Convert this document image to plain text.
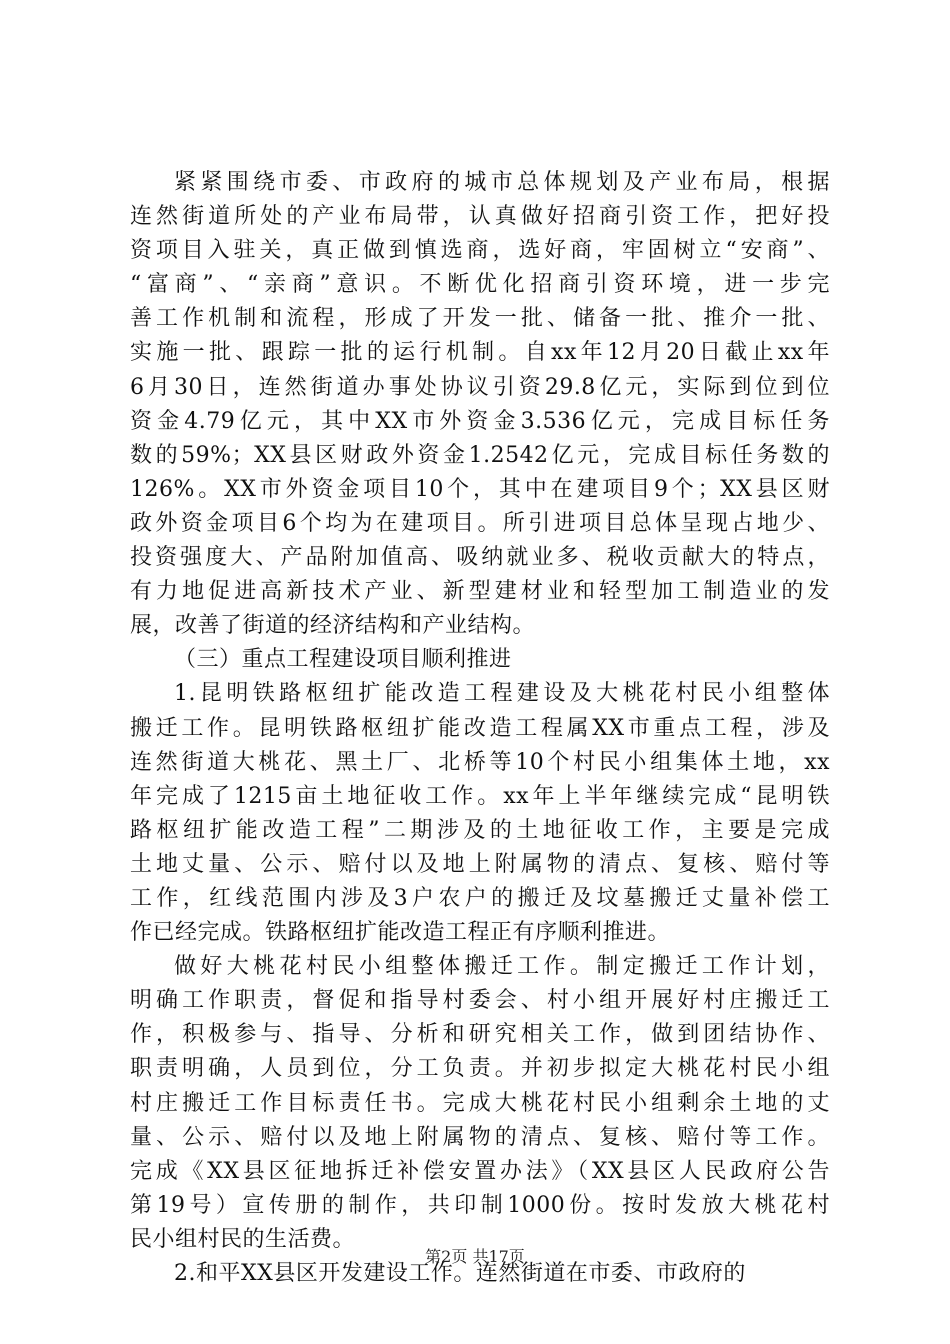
紧紧围绕市委、市政府的城市总体规划及产业布局，根据
连然街道所处的产业布局带，认真做好招商引资工作，把好投
资项目入驻关，真正做到慎选商，选好商，牢固树立“安商”、
“富商”、“亲商”意识。不断优化招商引资环境，进一步完
善工作机制和流程，形成了开发一批、储备一批、推介一批、
实施一批、跟踪一批的运行机制。自xx年12月20日截止xx年
6月30日，连然街道办事处协议引资29.8亿元，实际到位到位
资金4.79亿元，其中XX市外资金3.536亿元，完成目标任务
数的59%；XX县区财政外资金1.2542亿元，完成目标任务数的
126%。XX市外资金项目10个，其中在建项目9个；XX县区财
政外资金项目6个均为在建项目。所引进项目总体呈现占地少、
投资强度大、产品附加值高、吸纳就业多、税收贡献大的特点，
有力地促进高新技术产业、新型建材业和轻型加工制造业的发
展，改善了街道的经济结构和产业结构。
（三）重点工程建设项目顺利推进
1.昆明铁路枢纽扩能改造工程建设及大桃花村民小组整体
搬迁工作。昆明铁路枢纽扩能改造工程属XX市重点工程，涉及
连然街道大桃花、黑土厂、北桥等10个村民小组集体土地，xx
年完成了1215亩土地征收工作。xx年上半年继续完成“昆明铁
路枢纽扩能改造工程”二期涉及的土地征收工作，主要是完成
土地丈量、公示、赔付以及地上附属物的清点、复核、赔付等
工作，红线范围内涉及3户农户的搬迁及坟墓搬迁丈量补偿工
作已经完成。铁路枢纽扩能改造工程正有序顺利推进。
做好大桃花村民小组整体搬迁工作。制定搬迁工作计划，
明确工作职责，督促和指导村委会、村小组开展好村庄搬迁工
作，积极参与、指导、分析和研究相关工作，做到团结协作、
职责明确，人员到位，分工负责。并初步拟定大桃花村民小组
村庄搬迁工作目标责任书。完成大桃花村民小组剩余土地的丈
量、公示、赔付以及地上附属物的清点、复核、赔付等工作。
完成《XX县区征地拆迁补偿安置办法》（XX县区人民政府公告
第19号）宣传册的制作，共印制1000份。按时发放大桃花村
民小组村民的生活费。
2.和平XX县区开发建设工作。连然街道在市委、市政府的
第2页 共17页
